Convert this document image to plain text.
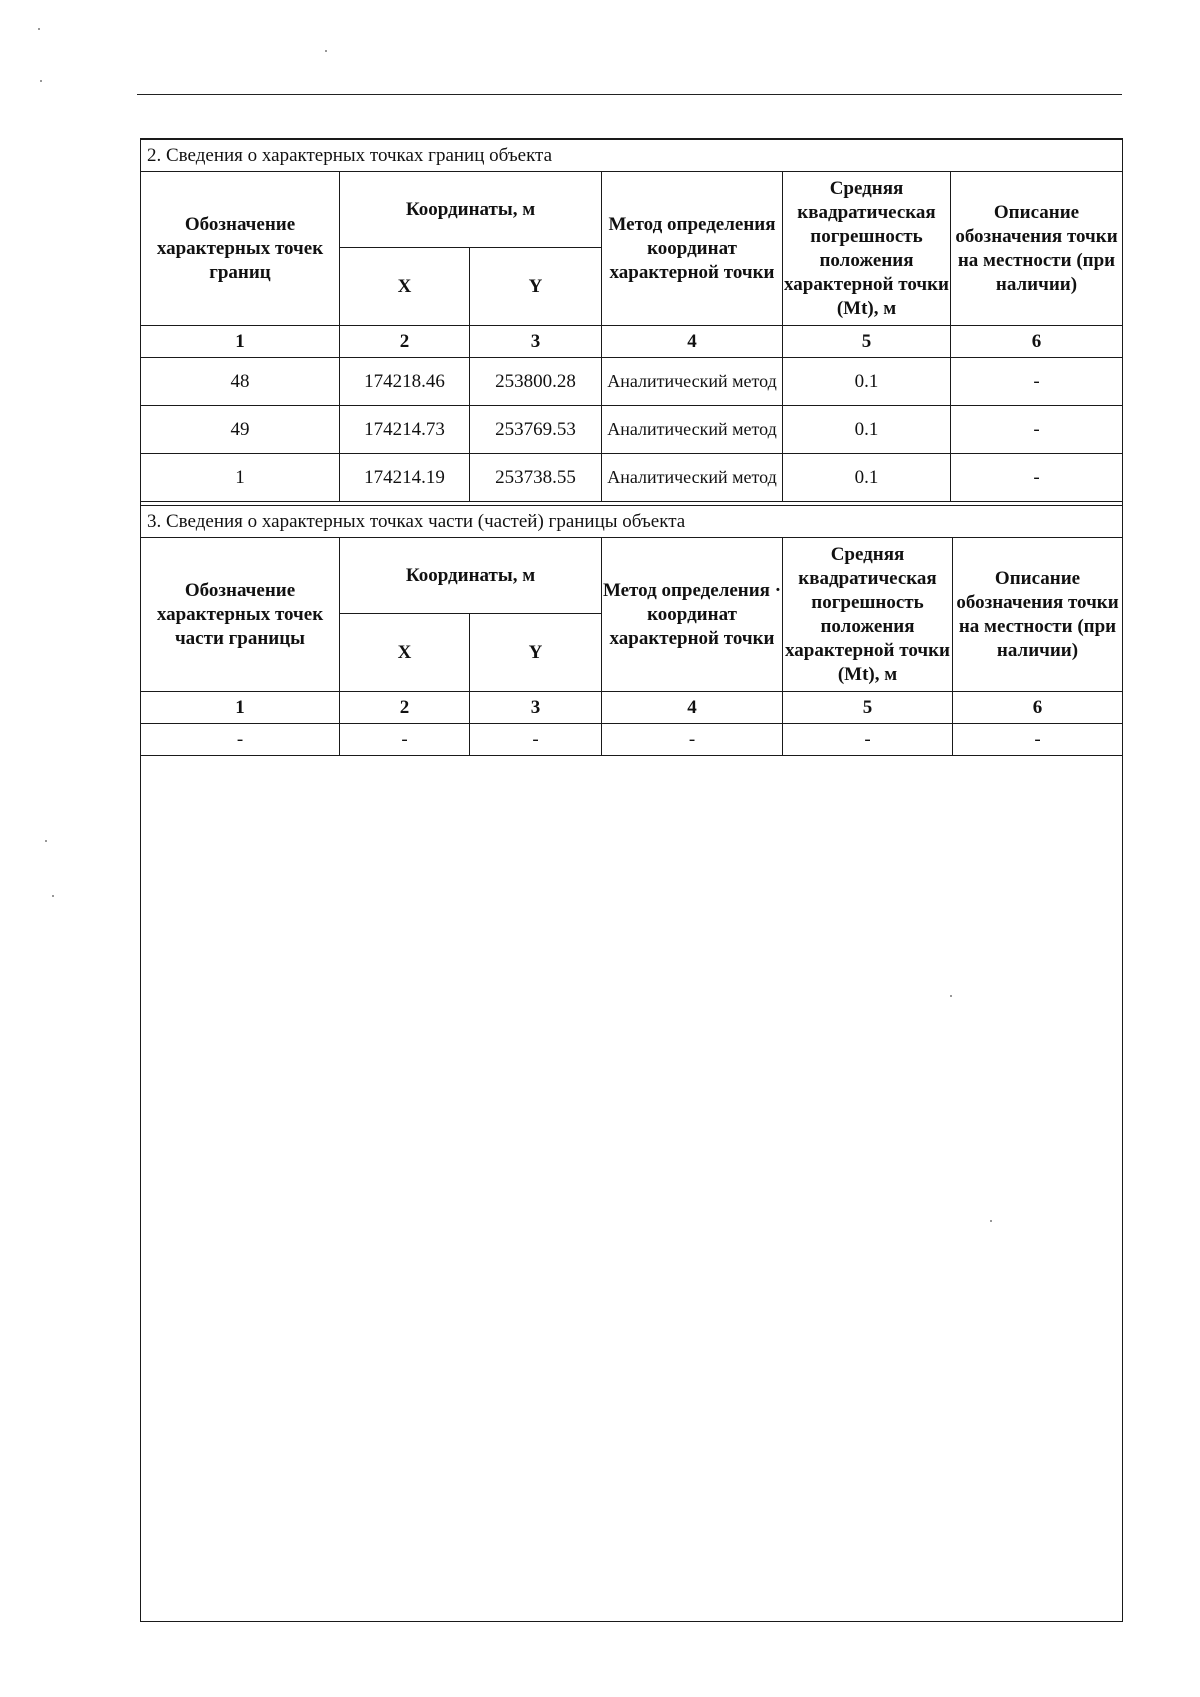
2. Сведения о характерных точках границ объекта					
Обозначение характерных точек границ	Координаты, м		Метод определения координат характерной точки	Средняя квадратическая погрешность положения характерной точки (Mt), м	Описание обозначения точки на местности (при наличии)
	X	Y			
1	2	3	4	5	6
48	174218.46	253800.28	Аналитический метод	0.1	-
49	174214.73	253769.53	Аналитический метод	0.1	-
1	174214.19	253738.55	Аналитический метод	0.1	-
3. Сведения о характерных точках части (частей) границы объекта					
Обозначение характерных точек части границы	Координаты, м		Метод определения · координат характерной точки	Средняя квадратическая погрешность положения характерной точки (Mt), м	Описание обозначения точки на местности (при наличии)
	X	Y			
1	2	3	4	5	6
-	-	-	-	-	-
